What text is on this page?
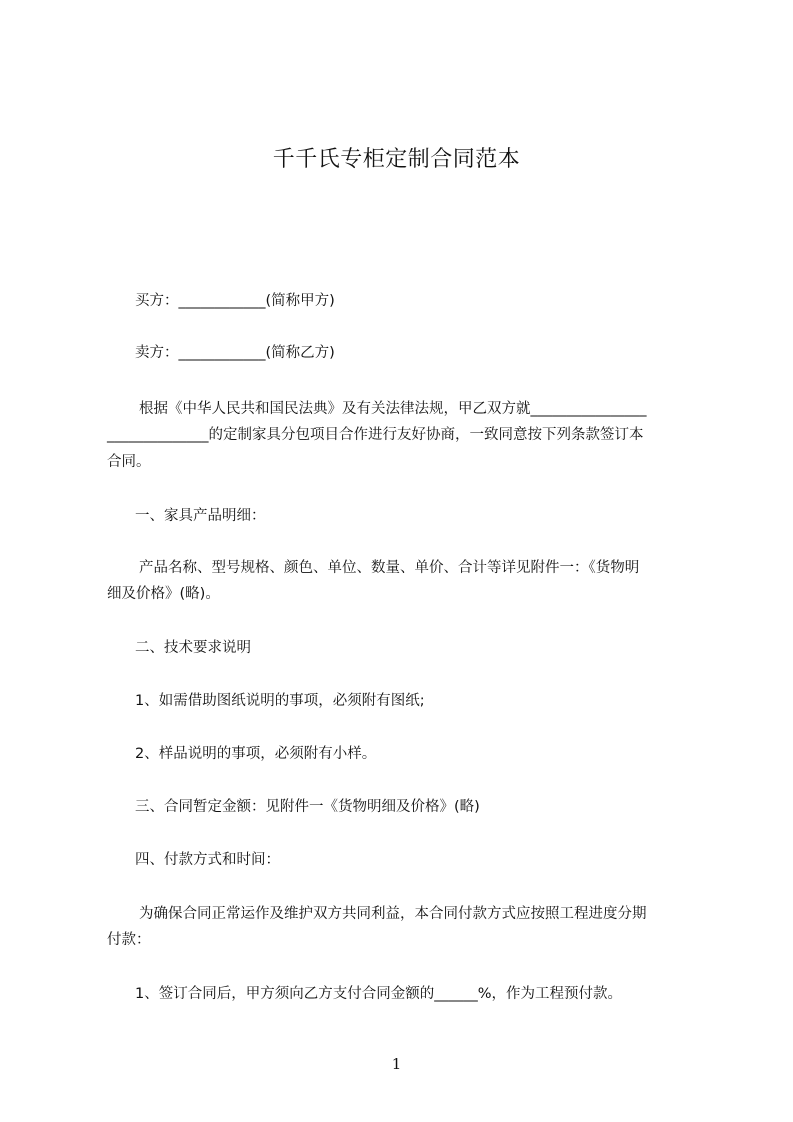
千千氏专柜定制合同范本
买方：____________(简称甲方)
卖方：____________(简称乙方)
根据《中华人民共和国民法典》及有关法律法规，甲乙双方就________________
______________的定制家具分包项目合作进行友好协商，一致同意按下列条款签订本
合同。
一、家具产品明细：
产品名称、型号规格、颜色、单位、数量、单价、合计等详见附件一：《货物明
细及价格》(略)。
二、技术要求说明
1、如需借助图纸说明的事项，必须附有图纸;
2、样品说明的事项，必须附有小样。
三、合同暂定金额：见附件一《货物明细及价格》(略)
四、付款方式和时间：
为确保合同正常运作及维护双方共同利益，本合同付款方式应按照工程进度分期
付款：
1、签订合同后，甲方须向乙方支付合同金额的______%，作为工程预付款。
1
